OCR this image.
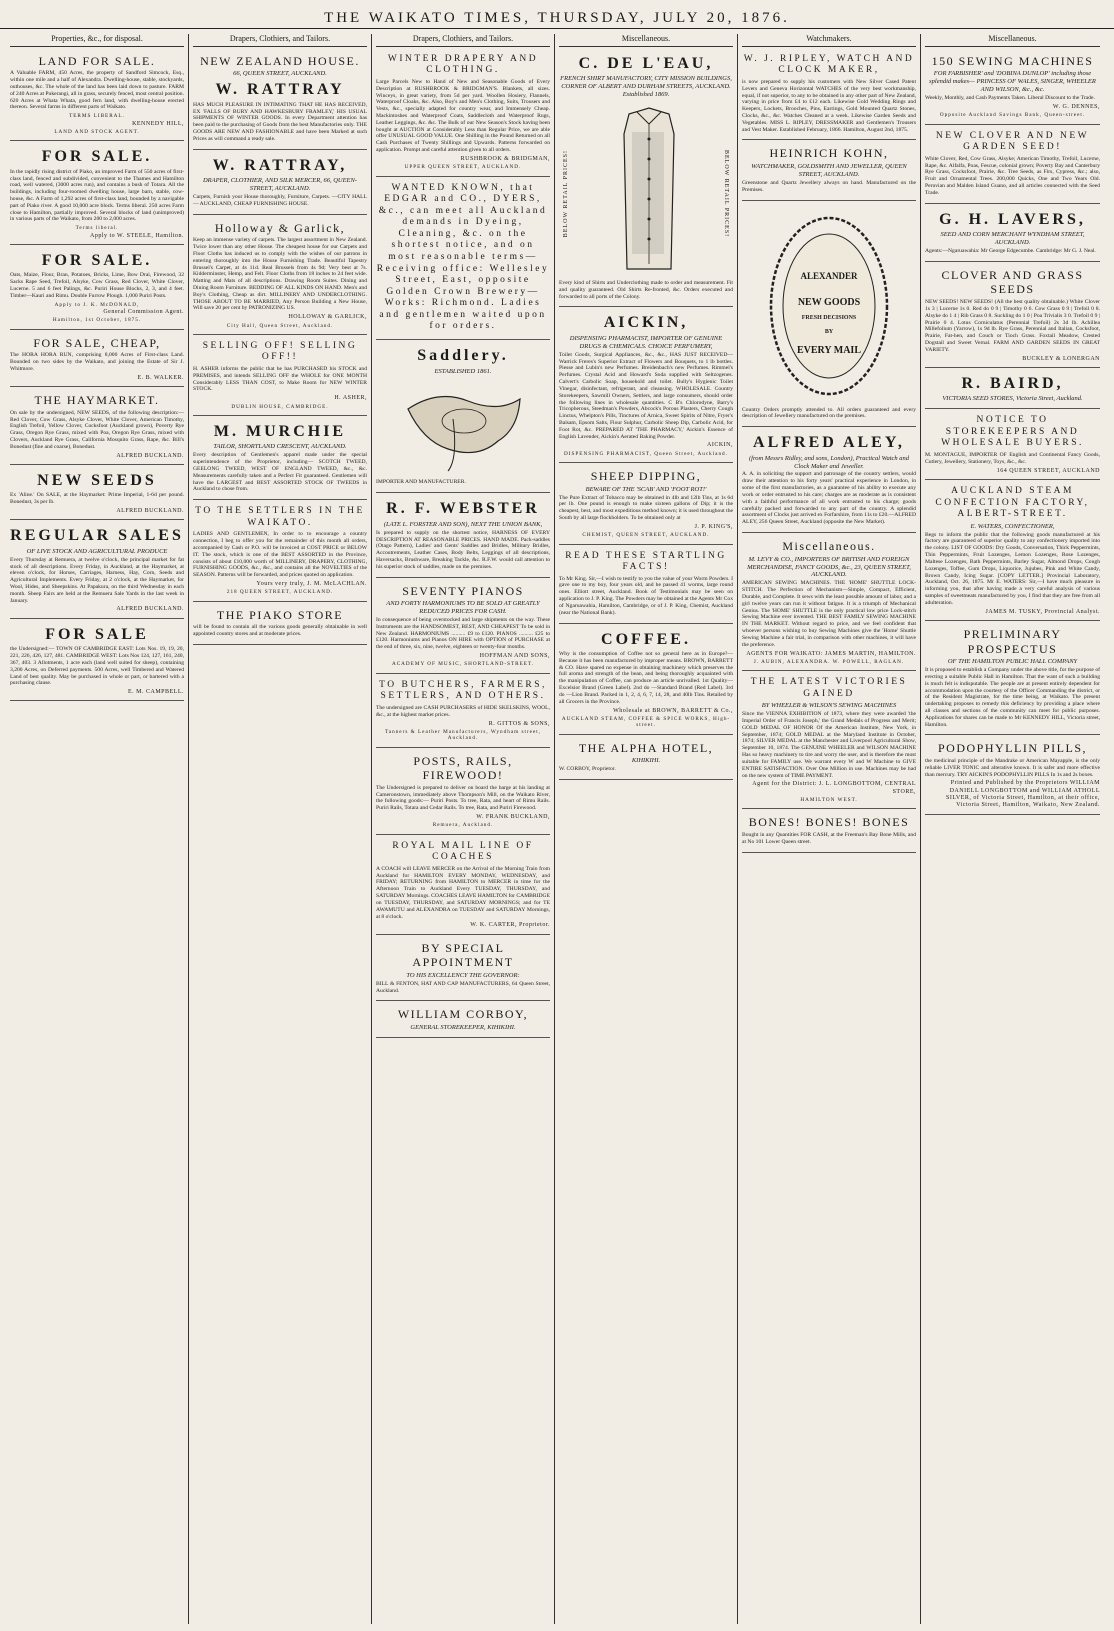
THE WAIKATO TIMES, THURSDAY, JULY 20, 1876.
Properties, &c., for disposal.
LAND FOR SALE.

A Valuable FARM, 450 Acres, the property of Sandford Simcock, Esq., within one mile and a half of Alexandra. Dwelling-house, stable, stockyards, outhouses, &c. The whole of the land has been laid down to pasture. FARM of 240 Acres at Pukerangi, all in grass, securely fenced, most central position. 620 Acres at Whata Whata, good fern land, with dwelling-house erected thereon. Several farms in different parts of Waikato.

TERMS LIBERAL.
KENNEDY HILL,
LAND AND STOCK AGENT.
FOR SALE.

In the rapidly rising district of Piako, an improved Farm of 550 acres of first-class land, fenced and subdivided, convenient to the Thames and Hamilton road, well watered, (3000 acres run), and contains a bush of Totara. All the buildings, including four-roomed dwelling house, large barn, stable, cow-house, &c. A Farm of 1,292 acres of first-class land, bounded by a navigable part of Piako river. A good 10,000 acre block. Terms liberal. 250 acres Farm close to Hamilton, partially improved. Several blocks of land (unimproved) in various parts of the Waikato, from 200 to 2,000 acres.

Terms liberal.
Apply to W. STEELE, Hamilton.
FOR SALE.

Oats, Maize, Flour, Bran, Potatoes, Bricks, Lime, Bow Drai, Firewood, 32 Sacks Rape Seed, Trefoil, Alsyke, Cow Grass, Red Clover, White Clover, Lucerne. 5 and 6 feet Palings, &c. Puriri House Blocks, 2, 3, and 4 feet. Timber—Kauri and Rimu. Double Furrow Plough. 1,000 Puriri Posts.

Apply to J. K. McDONALD,
General Commission Agent.
Hamilton, 1st October, 1875.
FOR SALE, CHEAP,

The HORA HORA RUN, comprising 8,000 Acres of First-class Land. Bounded on two sides by the Waikato, and joining the Estate of Sir J. Whitmore.

E. B. WALKER.
THE HAYMARKET.

On sale by the undersigned, NEW SEEDS, of the following description:— Red Clover, Cow Grass, Alsyke Clover, White Clover, American Timothy, English Trefoil, Yellow Clover, Cocksfoot (Auckland grown), Poverty Rye Grass, Oregon Rye Grass, mixed with Poa, Oregon Rye Grass, mixed with Clovers, Auckland Rye Grass, California Mosquito Grass, Rape, &c. Bill's Bonedust (fine and coarse), Bonedust.

ALFRED BUCKLAND.
NEW SEEDS

Ex 'Aline.' On SALE, at the Haymarket: Prime Imperial, 1-6d per pound. Bonedust, 3s per lb.

ALFRED BUCKLAND.
REGULAR SALES
OF LIVE STOCK AND AGRICULTURAL PRODUCE

Every Thursday at Remuera, at twelve o'clock, the principal market for fat stock of all descriptions. Every Friday, in Auckland, at the Haymarket, at eleven o'clock, for Horses, Carriages, Harness, Hay, Corn, Seeds and Agricultural Implements. Every Friday, at 2 o'clock, at the Haymarket, for Wool, Hides, and Sheepskins. At Papakura, on the third Wednesday in each month. Sheep Fairs are held at the Remuera Sale Yards in the last week in January.

ALFRED BUCKLAND.
FOR SALE

the Undersigned:— TOWN OF CAMBRIDGE EAST: Lots Nos. 19, 19, 20, 221, 226, 426, 127, 481. CAMBRIDGE WEST: Lots Nos 124, 127, 161, 240, 367, 403. 3 Allotments, 1 acre each (land well suited for sheep), containing 3,200 Acres, on Deferred payments. 500 Acres, well Timbered and Watered Land of best quality. May be purchased in whole or part, or bartered with a purchasing clause.

E. M. CAMPBELL.
Drapers, Clothiers, and Tailors.
NEW ZEALAND HOUSE.
66, QUEEN STREET, AUCKLAND.
W. RATTRAY

HAS MUCH PLEASURE IN INTIMATING THAT HE HAS RECEIVED, EX 'FALLS OF BURY AND HAWKESBURY FRAMLEY,' HIS USUAL SHIPMENTS OF WINTER GOODS. In every Department attention has been paid to the purchasing of Goods from the best Manufactories only. THE GOODS ARE NEW AND FASHIONABLE and have been Marked at such Prices as will command a ready sale.

W. RATTRAY,
DRAPER, CLOTHIER, AND SILK MERCER, 66, QUEEN-STREET, AUCKLAND.

Carpets, Furnish your House thoroughly, Furniture, Carpets. —CITY HALL— AUCKLAND, CHEAP FURNISHING HOUSE.

Holloway & Garlick,

Keep an immense variety of carpets. The largest assortment in New Zealand. Twice lower than any other House. The cheapest house for our Carpets and Floor Cloths has induced us to comply with the wishes of our patrons in entering thoroughly into the House Furnishing Trade. Beautiful Tapestry Brussel's Carpet, at 4s 11d. Real Brussels from 4s 9d; Very best at 7s. Kidderminster, Hemp, and Felt. Floor Cloths from 18 inches to 24 feet wide. Matting and Mats of all descriptions. Drawing Room Suites. Dining and Dining Room Furniture. BEDDING OF ALL KINDS ON HAND. Men's and Boy's Clothing, Cheap as dirt. MILLINERY AND UNDERCLOTHING. THOSE ABOUT TO BE MARRIED, Any Person Building a New House, Will save 20 per cent by PATRONIZING US.

HOLLOWAY & GARLICK,
City Hall, Queen Street, Auckland.
SELLING OFF! SELLING OFF!!

H. ASHER informs the public that he has PURCHASED his STOCK and PREMISES, and intends SELLING OFF the WHOLE for ONE MONTH Considerably LESS THAN COST, to Make Room for NEW WINTER STOCK.

H. ASHER,
DUBLIN HOUSE, CAMBRIDGE.
M. MURCHIE
TAILOR, SHORTLAND CRESCENT, AUCKLAND.

Every description of Gentlemen's apparel made under the special superintendence of the Proprietor, including— SCOTCH TWEED, GEELONG TWEED, WEST OF ENGLAND TWEED, &c., &c. Measurements carefully taken and a Perfect Fit guaranteed. Gentlemen will have the LARGEST and BEST ASSORTED STOCK OF TWEEDS in Auckland to chose from.

TO THE SETTLERS IN THE WAIKATO.

LADIES AND GENTLEMEN, In order to to encourage a country connection, I beg to offer you for the remainder of this month all orders, accompanied by Cash or P.O. will be invoiced at COST PRICE or BELOW IT. The stock, which is one of the BEST ASSORTED in the Province, consists of about £10,000 worth of MILLINERY, DRAPERY, CLOTHING, FURNISHING GOODS, &c., &c., and contains all the NOVELTIES of the SEASON. Patterns will be forwarded, and prices quoted on application.

Yours very truly, J. M. McLACHLAN.
218 QUEEN STREET, AUCKLAND.
THE PIAKO STORE

will be found to contain all the various goods generally obtainable in well appointed country stores and at moderate prices.

Drapers, Clothiers, and Tailors.
WINTER DRAPERY AND CLOTHING.

Large Parcels New to Hand of New and Seasonable Goods of Every Description at RUSHBROOK & BRIDGMAN'S. Blankets, all sizes. Winceys, in great variety, from 5d per yard. Woollen Hosiery, Flannels, Waterproof Cloaks, &c. Also, Boy's and Men's Clothing, Suits, Trousers and Vests, &c., specially adapted for country wear, and Immensely Cheap. Mackintoshes and Waterproof Coats, Saddlecloth and Waterproof Rugs, Leather Leggings, &c. &c. The Bulk of our New Season's Stock having been bought at AUCTION at Considerably Less than Regular Price, we are able offer UNUSUAL GOOD VALUE. One Shilling in the Pound Returned on all Cash Purchases of Twenty Shillings and Upwards. Patterns forwarded on application. Prompt and careful attention given to all orders.

RUSHBROOK & BRIDGMAN,
UPPER QUEEN STREET, AUCKLAND.
WANTED KNOWN, that EDGAR and CO., DYERS, &c., can meet all Auckland demands in Dyeing, Cleaning, &c. on the shortest notice, and on most reasonable terms—Receiving office: Wellesley Street, East, opposite Golden Crown Brewery—Works: Richmond. Ladies and gentlemen waited upon for orders.
Saddlery.
ESTABLISHED 1861.

IMPORTER AND MANUFACTURER.

R. F. WEBSTER
(LATE L. FORSTER AND SON), NEXT THE UNION BANK,

Is prepared to supply on the shortest notice, HARNESS OF EVERY DESCRIPTION AT REASONABLE PRICES. HAND MADE. Pack-saddles (Otago Pattern), Ladies' and Gents' Saddles and Bridles, Military Bridles, Accoutrements, Leather Cases, Body Belts, Leggings of all descriptions, Haversacks, Brushware, Breaking Tackle, &c. R.F.W. would call attention to his superior stock of saddles, made on the premises.

SEVENTY PIANOS
AND FORTY HARMONIUMS TO BE SOLD AT GREATLY REDUCED PRICES FOR CASH.

In consequence of being overstocked and large shipments on the way. These Instruments are the HANDSOMEST, BEST, AND CHEAPEST To be sold in New Zealand. HARMONIUMS .......... £9 to £120. PIANOS .......... £25 to £120. Harmoniums and Pianos ON HIRE with OPTION of PURCHASE at the end of three, six, nine, twelve, eighteen or twenty-four months.

HOFFMAN AND SONS,
ACADEMY OF MUSIC, SHORTLAND-STREET.
TO BUTCHERS, FARMERS, SETTLERS, AND OTHERS.

The undersigned are CASH PURCHASERS of HIDE SKELSKINS, WOOL, &c., at the highest market prices.

R. GITTOS & SONS,
Tanners & Leather Manufacturers, Wyndham street, Auckland.
POSTS, RAILS, FIREWOOD!

The Undersigned is prepared to deliver on board the barge at his landing at Cameronstown, immediately above Thompson's Mill, on the Waikato River, the following goods:— Puriri Posts. To tree, Rata, and heart of Rimu Rails. Puriri Rails, Totara and Cedar Rails. To tree, Rata, and Puriri Firewood.

W. FRANK BUCKLAND,
Remuera, Auckland.
ROYAL MAIL LINE OF COACHES

A COACH will LEAVE MERCER on the Arrival of the Morning Train from Auckland for HAMILTON EVERY MONDAY, WEDNESDAY, and FRIDAY; RETURNING from HAMILTON to MERCER in time for the Afternoon Train to Auckland Every TUESDAY, THURSDAY, and SATURDAY Mornings. COACHES LEAVE HAMILTON for CAMBRIDGE on TUESDAY, THURSDAY, and SATURDAY MORNINGS; and for TE AWAMUTU and ALEXANDRA on TUESDAY and SATURDAY Mornings, at 8 o'clock.

W. K. CARTER, Proprietor.
BY SPECIAL APPOINTMENT
TO HIS EXCELLENCY THE GOVERNOR:

BILL & FENTON, HAT AND CAP MANUFACTURERS, 64 Queen Street, Auckland.

WILLIAM CORBOY,
GENERAL STOREKEEPER, KIHIKIHI.
Miscellaneous.
C. DE L'EAU,
FRENCH SHIRT MANUFACTORY, CITY MISSION BUILDINGS, CORNER OF ALBERT AND DURHAM STREETS, AUCKLAND. Established 1869.
BELOW RETAIL PRICES!	BELOW RETAIL PRICES!

Every kind of Shirts and Underclothing made to order and measurement. Fit and quality guaranteed. Old Shirts Re-fronted, &c. Orders executed and forwarded to all ports of the Colony.

AICKIN,
DISPENSING PHARMACIST, IMPORTER OF GENUINE DRUGS & CHEMICALS. CHOICE PERFUMERY,

Toilet Goods, Surgical Appliances, &c., &c., HAS JUST RECEIVED— Warrick Freres's Superior Extract of Flowers and Bouquets, to 1 lb bottles. Piesse and Lubin's new Perfumes. Breidenbach's new Perfumes. Rimmel's Perfumes. Crystal Acid and Howard's Soda supplied with Seltzogenes. Calvert's Carbolic Soap, household and toilet. Bully's Hygienic Toilet Vinegar, disinfectant, refrigerant, and cleansing. WHOLESALE. Country Storekeepers, Sawmill Owners, Settlers, and large consumers, should order the following lines in wholesale quantities. C B's Chlorodyne, Barry's Tricopherous, Steedman's Powders, Abcock's Porous Plasters, Cherry Cough Linctus, Whelpton's Pills, Tinctures of Arnica, Sweet Spirits of Nitre, Fryer's Balsam, Epsom Salts, Flour Sulphur, Carbolic Sheep Dip, Carbolic Acid, for Foot Rot, &c. PREPARED AT 'THE PHARMACY,' Aickin's Essence of English Lavender, Aickin's Aerated Baking Powder.

AICKIN,
DISPENSING PHARMACIST, Queen Street, Auckland.
SHEEP DIPPING,
BEWARE OF THE 'SCAB' AND 'FOOT ROT!'

The Pure Extract of Tobacco may be obtained in 4lb and 12lb Tins, at 1s 6d per lb. One pound is enough to make sixteen gallons of Dip; it is the cheapest, best, and most expeditious method known; it is used throughout the South by all large flockholders. To be obtained only at

J. P. KING'S,
CHEMIST, QUEEN STREET, AUCKLAND.
READ THESE STARTLING FACTS!

To Mr King. Sir,—I wish to testify to you the value of your Worm Powders. I gave one to my boy, four years old, and he passed 41 worms, large round ones. Elliott street, Auckland. Book of Testimonials may be seen on application to J. P. King. The Powders may be obtained at the Agents Mr Cox of Ngaruawahia, Hamilton, Cambridge, or of J. P. King, Chemist, Auckland (near the National Bank).

COFFEE.

Why is the consumption of Coffee not so general here as in Europe?—Because it has been manufactured by improper means. BROWN, BARRETT & CO. Have spared no expense in obtaining machinery which preserves the full aroma and strength of the bean, and being thoroughly acquainted with the manipulation of Coffee, can produce an article unrivalled. 1st Quality—Excelsior Brand (Green Label). 2nd do —Standard Brand (Red Label). 3rd do —Lion Brand. Packed in 1, 2, 4, 6, 7, 14, 28, and 40lb Tins. Retailed by all Grocers in the Province.

Wholesale at BROWN, BARRETT & Co.,
AUCKLAND STEAM, COFFEE & SPICE WORKS, High-street.
THE ALPHA HOTEL,
KIHIKIHI.

W. CORBOY, Proprietor.

Watchmakers.
W. J. RIPLEY, WATCH AND CLOCK MAKER,

is now prepared to supply his customers with New Silver Cased Patent Levers and Geneva Horizontal WATCHES of the very best workmanship, equal, if not superior, to any to be obtained in any other part of New Zealand, varying in price from £4 to £12 each. Likewise Gold Wedding Rings and Keepers, Lockets, Brooches, Pins, Earrings, Gold Mounted Quartz Stones, Clocks, &c., &c. Watches Cleaned at a week. Likewise Garden Seeds and Vegetables. MISS L. RIPLEY, DRESSMAKER and Gentlemen's Trousers and Vest Maker. Established February, 1866. Hamilton, August 2nd, 1875.

HEINRICH KOHN,
WATCHMAKER, GOLDSMITH AND JEWELLER, QUEEN STREET, AUCKLAND.

Greenstone and Quartz Jewellery always on hand. Manufactured on the Premises.

ALEXANDER
NEW GOODS
FRESH DECISIONS
BY
EVERY MAIL

Country Orders promptly attended to. All orders guaranteed and every description of Jewellery manufactured on the premises.

ALFRED ALEY,
(from Messrs Ridley, and sons, London), Practical Watch and Clock Maker and Jeweller.

A. A. in soliciting the support and patronage of the country settlers, would draw their attention to his forty years' practical experience in London, in some of the first manufactories, as a guarantee of his ability to execute any work or order entrusted to his care; charges are as moderate as is consistent with a faithful performance of all work entrusted to his charge; goods carefully packed and forwarded to any part of the country. A splendid assortment of Clocks just arrived ex Forfarshire, from 11s to £20.—ALFRED ALEY, 256 Queen Street, Auckland (opposite the New Market).

Miscellaneous.
M. LEVY & CO., IMPORTERS OF BRITISH AND FOREIGN MERCHANDISE, FANCY GOODS, &c., 23, QUEEN STREET, AUCKLAND.

AMERICAN SEWING MACHINES. THE 'HOME' SHUTTLE LOCK-STITCH. The Perfection of Mechanism—Simple, Compact, Efficient, Durable, and Complete. It sews with the least possible amount of labor, and a girl twelve years can run it without fatigue. It is a triumph of Mechanical Genius. The 'HOME' SHUTTLE is the only practical low price Lock-stitch Sewing Machine ever invented. THE BEST FAMILY SEWING MACHINE IN THE MARKET. Without regard to price, and we feel confident that whoever persons wishing to buy Sewing Machines give the 'Home' Shuttle Sewing Machine a fair trial, in comparison with other machines, it will have the preference.

AGENTS FOR WAIKATO: JAMES MARTIN, HAMILTON.
J. AUBIN, ALEXANDRA. W. POWELL, RAGLAN.
THE LATEST VICTORIES GAINED
BY WHEELER & WILSON'S SEWING MACHINES

Since the VIENNA EXHIBITION of 1873, where they were awarded 'the Imperial Order of Francis Joseph,' the Grand Medals of Progress and Merit; GOLD MEDAL OF HONOR Of the American Institute, New York, in September, 1874; GOLD MEDAL at the Maryland Institute in October, 1874; SILVER MEDAL at the Manchester and Liverpool Agricultural Show, September 10, 1874. The GENUINE WHEELER and WILSON MACHINE Has so heavy machinery to tire and worry the user, and is therefore the most suitable for FAMILY use. We warrant every W and W Machine to GIVE ENTIRE SATISFACTION. Over One Million in use. Machines may be had on the new system of TIME PAYMENT.

Agent for the District: J. L. LONGBOTTOM, CENTRAL STORE,
HAMILTON WEST.
BONES! BONES! BONES

Bought in any Quantities FOR CASH, at the Freeman's Bay Bone Mills, and at No 101 Lower Queen street.

Miscellaneous.
150 SEWING MACHINES
FOR FARBISHER' and 'DOBINA DUNLOP' including those splendid makes— PRINCESS OF WALES, SINGER, WHEELER AND WILSON, &c., &c.

Weekly, Monthly, and Cash Payments Taken. Liberal Discount to the Trade.

W. G. DENNES,
Opposite Auckland Savings Bank, Queen-street.
NEW CLOVER AND NEW GARDEN SEED!

White Clover, Red, Cow Grass, Alsyke; American Timothy, Trefoil, Lucerne, Rape, &c. Alfalfa, Poas, Fescue, colonial grown; Poverty Bay and Canterbury Rye Grass, Cocksfoot, Prairie, &c. Tree Seeds, as Firs, Cypress, &c.; also, Fruit and Ornamental Trees. 200,000 Quicks, One and Two Years Old. Peruvian and Malden Island Guano, and all articles connected with the Seed Trade.

G. H. LAVERS,
SEED AND CORN MERCHANT WYNDHAM STREET, AUCKLAND.

Agents:—Ngaruawahia: Mr George Edgecumbe. Cambridge: Mr G. J. Neal.

CLOVER AND GRASS SEEDS

NEW SEEDS! NEW SEEDS! (All the best quality obtainable.) White Clover 1s 3 | Lucerne 1s 0. Red do 0 9 | Timothy 0 6. Cow Grass 0 9 | Trefoil 0 8. Alsyke do 1 4 | Rib Grass 0 8. Suckling do 1 0 | Poa Trivialis 3 0. Trefoil 0 9 | Prairie 0 4. Lotus Corniculatus (Perennial Trefoil) 2s 3d lb. Achillea Millefolium (Yarrow), 1s 9d lb. Rye Grass, Perennial and Italian, Cocksfoot, Prairie, Fat-hen, and Couch or Tioch Grass. Foxtail Meadow, Crested Dogstail and Sweet Vernal. FARM AND GARDEN SEEDS IN GREAT VARIETY.

BUCKLEY & LONERGAN
R. BAIRD,
VICTORIA SEED STORES, Victoria Street, Auckland.
NOTICE TO STOREKEEPERS AND WHOLESALE BUYERS.

M. MONTAGUE, IMPORTER OF English and Continental Fancy Goods, Cutlery, Jewellery, Stationery, Toys, &c., &c.

164 QUEEN STREET, AUCKLAND
AUCKLAND STEAM CONFECTION FACTORY, ALBERT-STREET.
E. WATERS, CONFECTIONER,

Begs to inform the public that the following goods manufactured at his factory are guaranteed of superior quality to any confectionery imported into the colony. LIST OF GOODS: Dry Goods, Conversation, Thick Peppermints, Thin Peppermints, Fruit Lozenges, Lemon Lozenges, Rose Lozenges, Maltese Lozenges, Bath Peppermints, Barley Sugar, Almond Drops, Cough Lozenges, Toffee, Gum Drops, Liquorice, Jujubes, Pink and White Candy, Brown Candy, Icing Sugar. [COPY LETTER.] Provincial Laboratory, Auckland, Oct. 26, 1875. Mr E. WATERS: Sir,—I have much pleasure in informing you, that after having made a very careful analysis of various samples of sweetmeats manufactured by you, I find that they are free from all adulteration.

JAMES M. TUSKY, Provincial Analyst.
PRELIMINARY PROSPECTUS
OF THE HAMILTON PUBLIC HALL COMPANY

It is proposed to establish a Company under the above title, for the purpose of erecting a suitable Public Hall in Hamilton. That the want of such a building is much felt is indisputable. The people are at present entirely dependent for accommodation upon the courtesy of the Officer Commanding the district, or of the Resident Magistrate, for the time being, at Waikato. The present undertaking proposes to remedy this deficiency by providing a place where all classes and sections of the community can meet for public purposes. Applications for shares can be made to Mr KENNEDY HILL, Victoria street, Hamilton.

PODOPHYLLIN PILLS,

the medicinal principle of the Mandrake or American Mayapple, is the only reliable LIVER TONIC and alterative known. It is safer and more effective than mercury. TRY AICKIN'S PODOPHYLLIN PILLS In 1s and 2s boxes.

Printed and Published by the Proprietors WILLIAM DANIELL LONGBOTTOM and WILLIAM ATHOLL SILVER, of Victoria Street, Hamilton, at their office, Victoria Street, Hamilton, Waikato, New Zealand.
